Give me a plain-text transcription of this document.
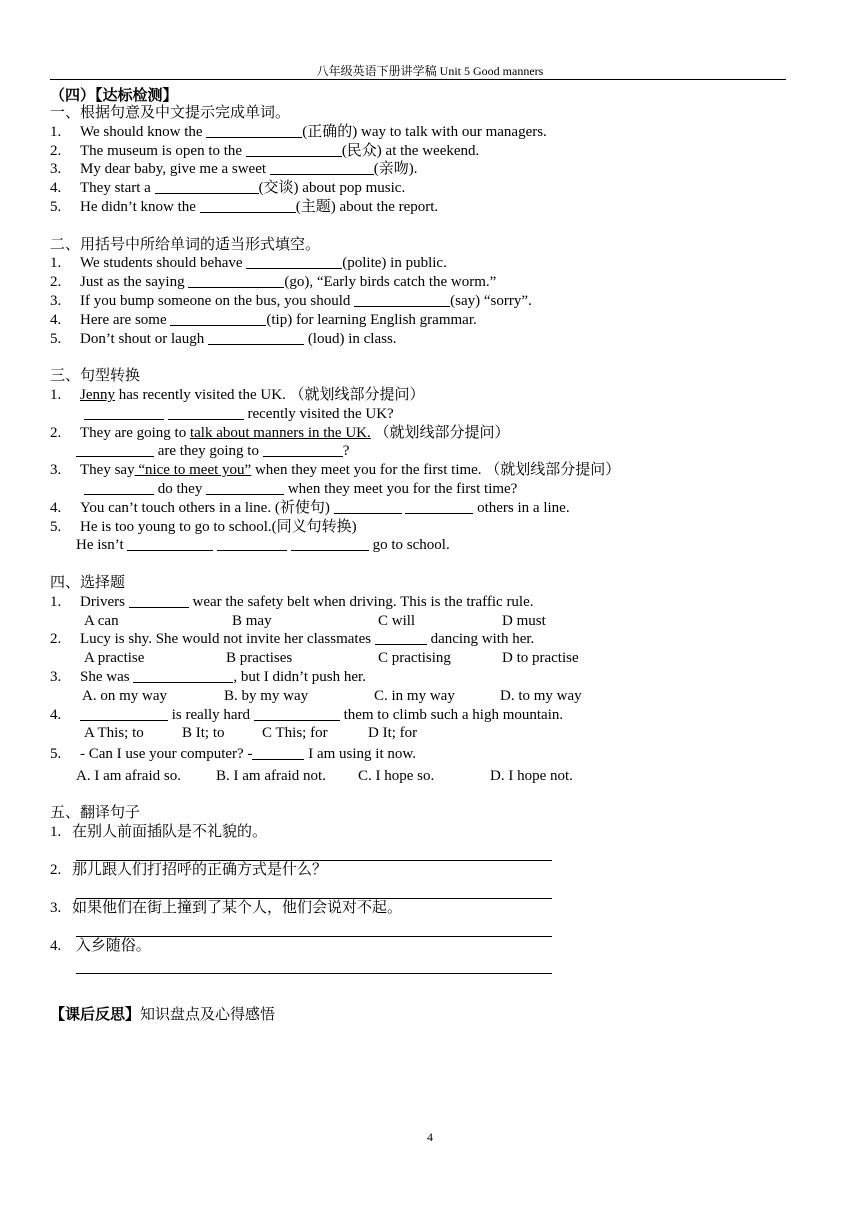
八年级英语下册讲学稿 Unit 5 Good manners
（四）【达标检测】
一、根据句意及中文提示完成单词。
1. We should know the	(正确的) way to talk with our managers.
2. The museum is open to the	(民众) at the weekend.
3. My dear baby, give me a sweet	(亲吻).
4. They start a	(交谈) about pop music.
5. He didn’t know the	(主题) about the report.
二、用括号中所给单词的适当形式填空。
1. We students should behave	(polite) in public.
2. Just as the saying	(go), “Early birds catch the worm.”
3. If you bump someone on the bus, you should	(say) “sorry”.
4. Here are some	(tip) for learning English grammar.
5. Don’t shout or laugh	(loud) in class.
三、句型转换
1. Jenny has recently visited the UK. （就划线部分提问）
recently visited the UK?
2. They are going to talk about manners in the UK. （就划线部分提问）
are they going to	?
3. They say “nice to meet you” when they meet you for the first time. （就划线部分提问）
do they	when they meet you for the first time?
4. You can’t touch others in a line. (祈使句)	others in a line.
5. He is too young to go to school.(同义句转换)
He isn’t	go to school.
四、选择题
1. Drivers	wear the safety belt when driving. This is the traffic rule.
A can	B may	C will	D must
2. Lucy is shy. She would not invite her classmates	dancing with her.
A practise	B practises	C practising	D to practise
3. She was	, but I didn’t push her.
A. on my way	B. by my way	C. in my way	D. to my way
4.	is really hard	them to climb such a high mountain.
A This; to	B It; to C This; for	D It; for
5. - Can I use your computer? -	I am using it now.
A. I am afraid so. B. I am afraid not. C. I hope so.	D. I hope not.
五、翻译句子
1. 在别人前面插队是不礼貌的。
2. 那儿跟人们打招呼的正确方式是什么？
3. 如果他们在街上撞到了某个人，他们会说对不起。
4. 入乡随俗。
【课后反思】知识盘点及心得感悟
4
